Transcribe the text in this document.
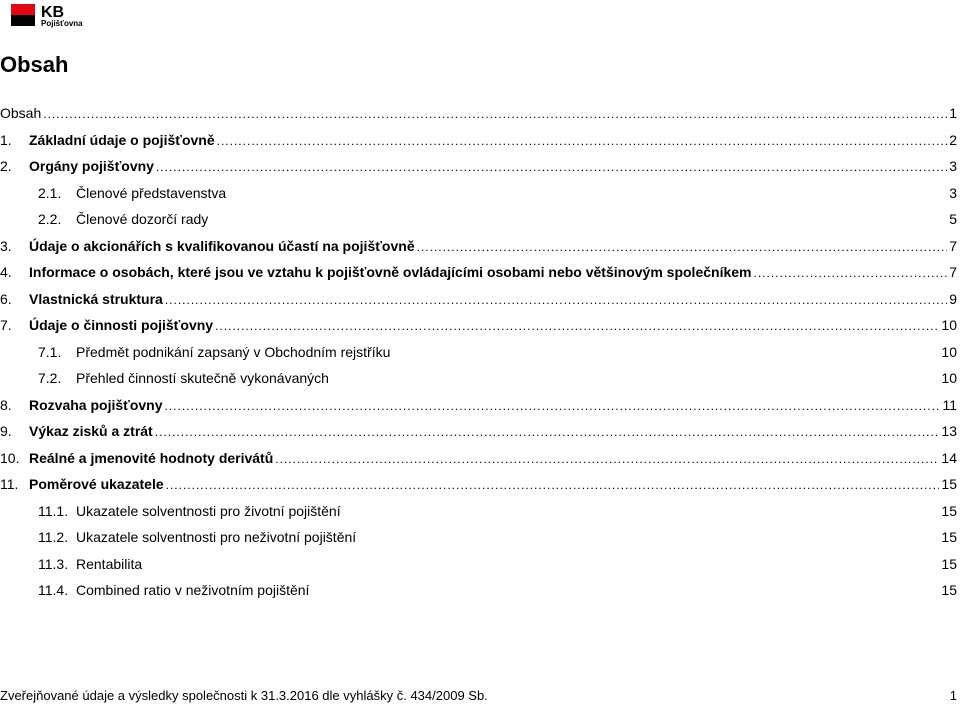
KB
Pojišťovna
Obsah
Obsah .....	1
1.	Základní údaje o pojišťovně .....	2
2.	Orgány pojišťovny .....	3
2.1.	Členové představenstva	3
2.2.	Členové dozorčí rady	5
3.	Údaje o akcionářích s kvalifikovanou účastí na pojišťovně .....	7
4.	Informace o osobách, které jsou ve vztahu k pojišťovně ovládajícími osobami nebo většinovým společníkem .....	7
6.	Vlastnická struktura .....	9
7.	Údaje o činnosti pojišťovny .....	10
7.1.	Předmět podnikání zapsaný v Obchodním rejstříku	10
7.2.	Přehled činností skutečně vykonávaných	10
8.	Rozvaha pojišťovny .....	11
9.	Výkaz zisků a ztrát .....	13
10. Reálné a jmenovité hodnoty derivátů .....	14
11. Poměrové ukazatele .....	15
11.1. Ukazatele solventnosti pro životní pojištění	15
11.2. Ukazatele solventnosti pro neživotní pojištění	15
11.3. Rentabilita	15
11.4. Combined ratio v neživotním pojištění	15
Zveřejňované údaje a výsledky společnosti k 31.3.2016 dle vyhlášky č. 434/2009 Sb.	1
